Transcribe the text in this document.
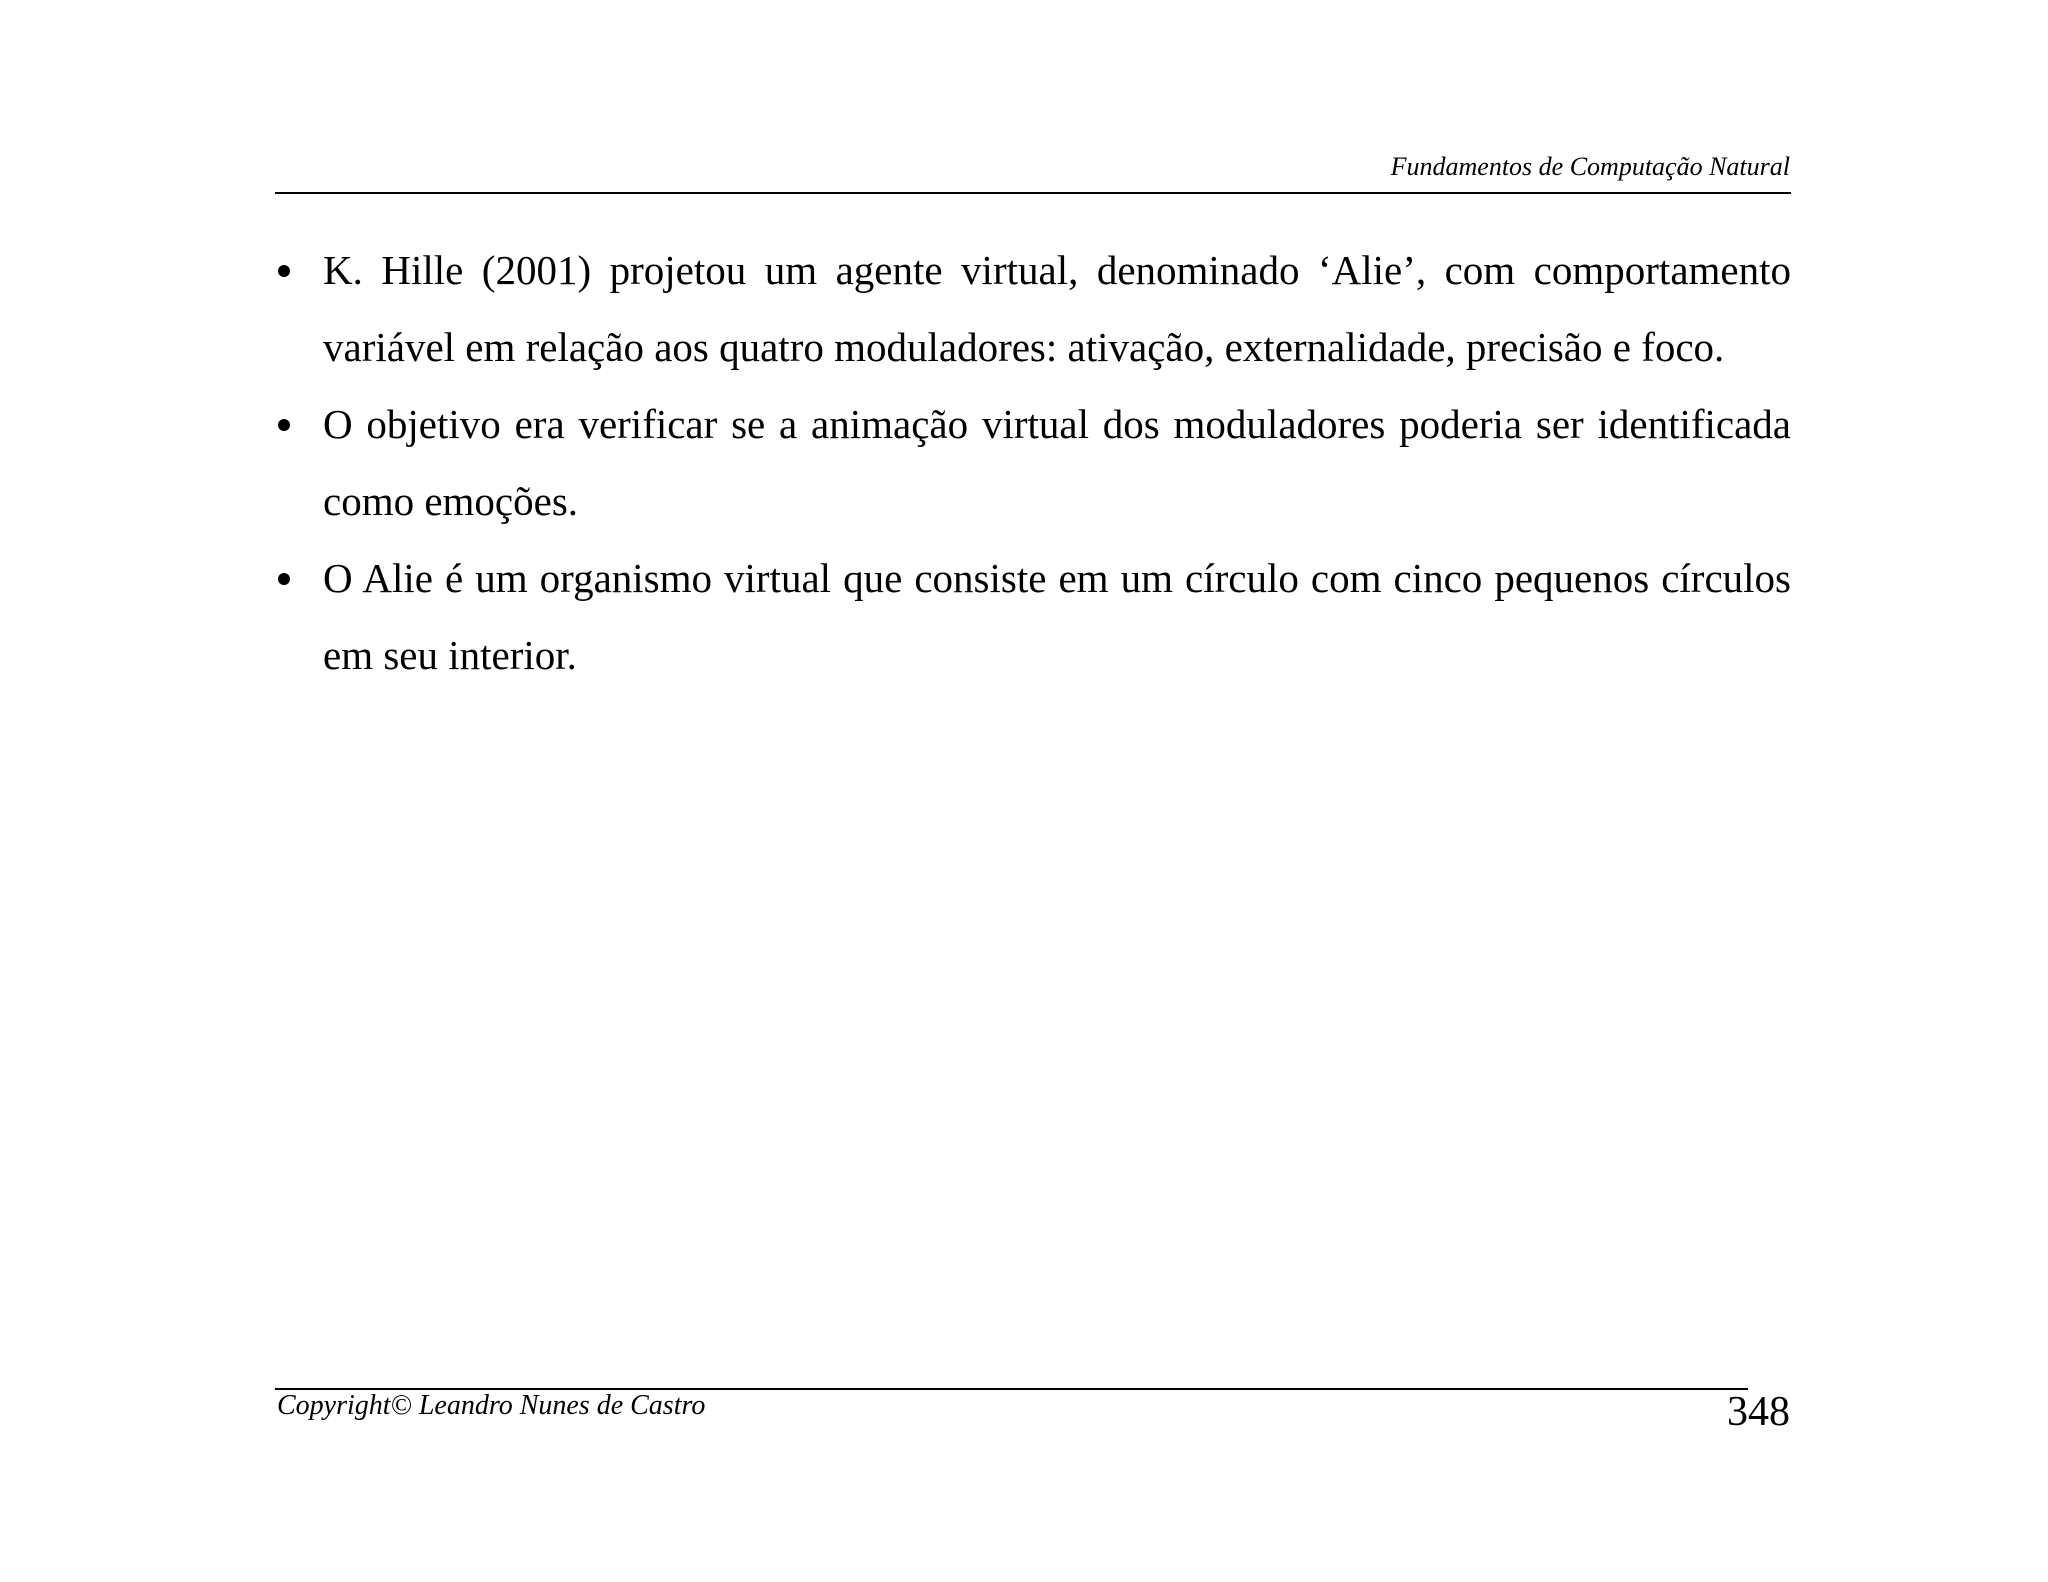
Fundamentos de Computação Natural
K. Hille (2001) projetou um agente virtual, denominado ‘Alie’, com comportamento variável em relação aos quatro moduladores: ativação, externalidade, precisão e foco.
O objetivo era verificar se a animação virtual dos moduladores poderia ser identificada como emoções.
O Alie é um organismo virtual que consiste em um círculo com cinco pequenos círculos em seu interior.
Copyright© Leandro Nunes de Castro	348
